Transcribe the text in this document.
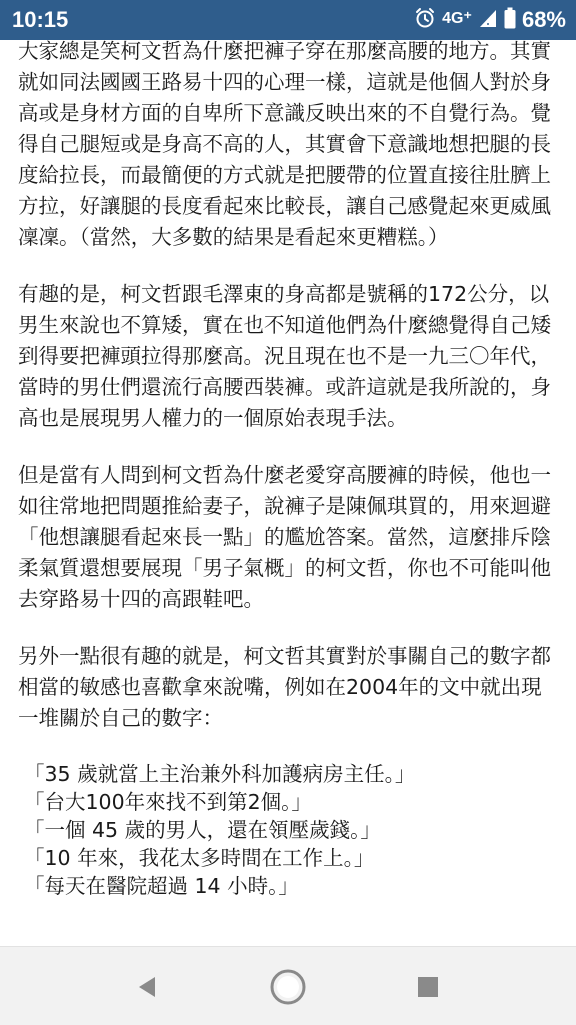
10:15	4G⁺ 68%

大家總是笑柯文哲為什麼把褲子穿在那麼高腰的地方。其實就如同法國國王路易十四的心理一樣，這就是他個人對於身高或是身材方面的自卑所下意識反映出來的不自覺行為。覺得自己腿短或是身高不高的人，其實會下意識地想把腿的長度給拉長，而最簡便的方式就是把腰帶的位置直接往肚臍上方拉，好讓腿的長度看起來比較長，讓自己感覺起來更威風凜凜。（當然，大多數的結果是看起來更糟糕。）

有趣的是，柯文哲跟毛澤東的身高都是號稱的172公分，以男生來說也不算矮，實在也不知道他們為什麼總覺得自己矮到得要把褲頭拉得那麼高。況且現在也不是一九三〇年代，當時的男仕們還流行高腰西裝褲。或許這就是我所說的，身高也是展現男人權力的一個原始表現手法。

但是當有人問到柯文哲為什麼老愛穿高腰褲的時候，他也一如往常地把問題推給妻子，說褲子是陳佩琪買的，用來迴避「他想讓腿看起來長一點」的尷尬答案。當然，這麼排斥陰柔氣質還想要展現「男子氣概」的柯文哲，你也不可能叫他去穿路易十四的高跟鞋吧。

另外一點很有趣的就是，柯文哲其實對於事關自己的數字都相當的敏感也喜歡拿來說嘴，例如在2004年的文中就出現一堆關於自己的數字：

「35 歲就當上主治兼外科加護病房主任。」
「台大100年來找不到第2個。」
「一個 45 歲的男人，還在領壓歲錢。」
「10 年來，我花太多時間在工作上。」
「每天在醫院超過 14 小時。」
